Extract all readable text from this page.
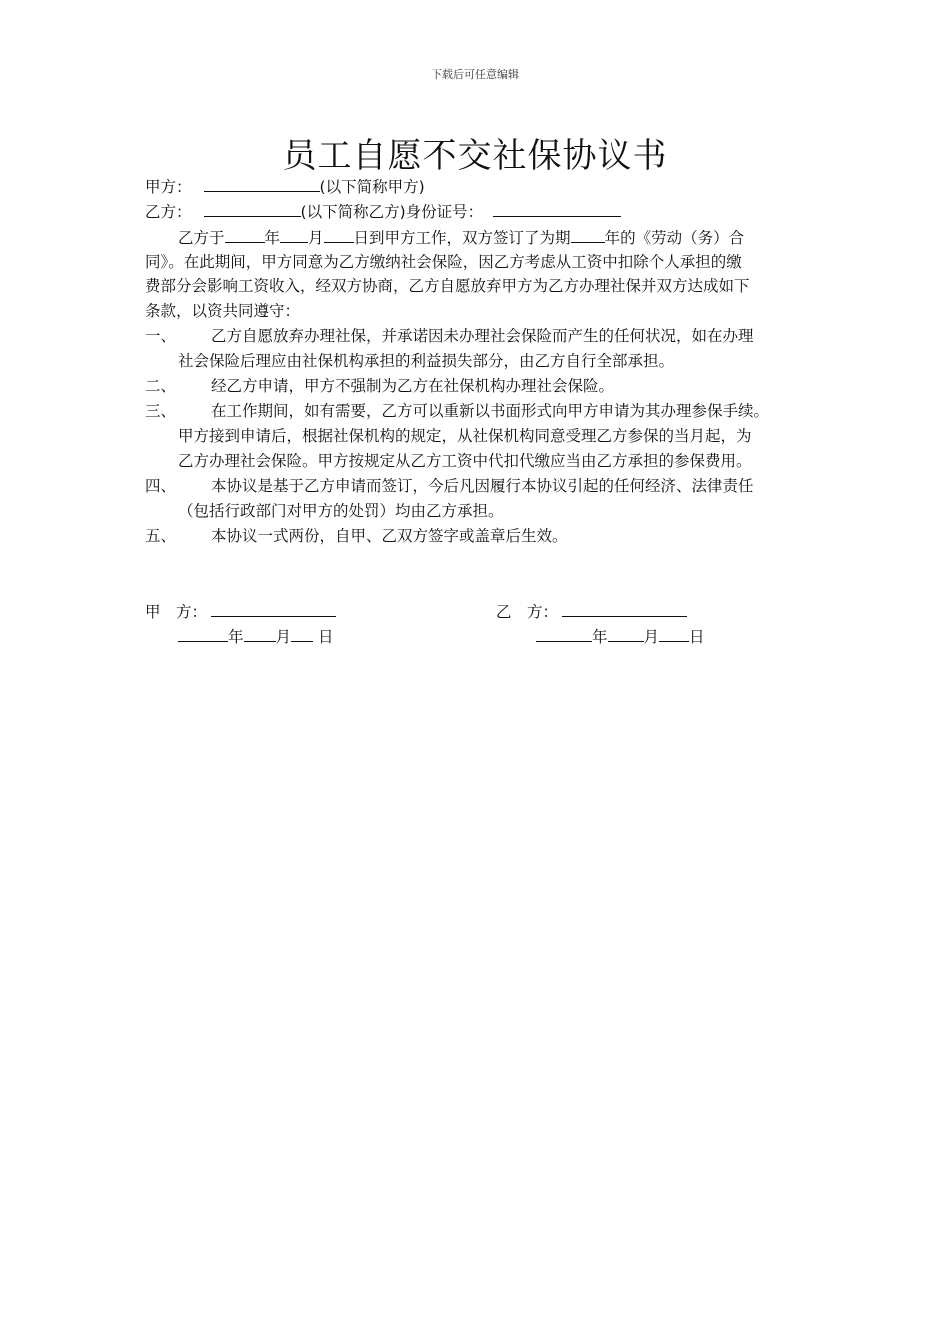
下载后可任意编辑
员工自愿不交社保协议书
甲方：	(以下简称甲方)
乙方：	(以下简称乙方)身份证号：
乙方于	年 月 日到甲方工作，双方签订了为期 年的《劳动（务）合
同》。在此期间，甲方同意为乙方缴纳社会保险，因乙方考虑从工资中扣除个人承担的缴
费部分会影响工资收入，经双方协商，乙方自愿放弃甲方为乙方办理社保并双方达成如下
条款，以资共同遵守：
一、 乙方自愿放弃办理社保，并承诺因未办理社会保险而产生的任何状况，如在办理
社会保险后理应由社保机构承担的利益损失部分，由乙方自行全部承担。
二、 经乙方申请，甲方不强制为乙方在社保机构办理社会保险。
三、 在工作期间，如有需要，乙方可以重新以书面形式向甲方申请为其办理参保手续。
甲方接到申请后，根据社保机构的规定，从社保机构同意受理乙方参保的当月起，为
乙方办理社会保险。甲方按规定从乙方工资中代扣代缴应当由乙方承担的参保费用。
四、 本协议是基于乙方申请而签订，今后凡因履行本协议引起的任何经济、法律责任
（包括行政部门对甲方的处罚）均由乙方承担。
五、 本协议一式两份，自甲、乙双方签字或盖章后生效。
甲　方：	乙　方：
年 月 日	年 月 日
